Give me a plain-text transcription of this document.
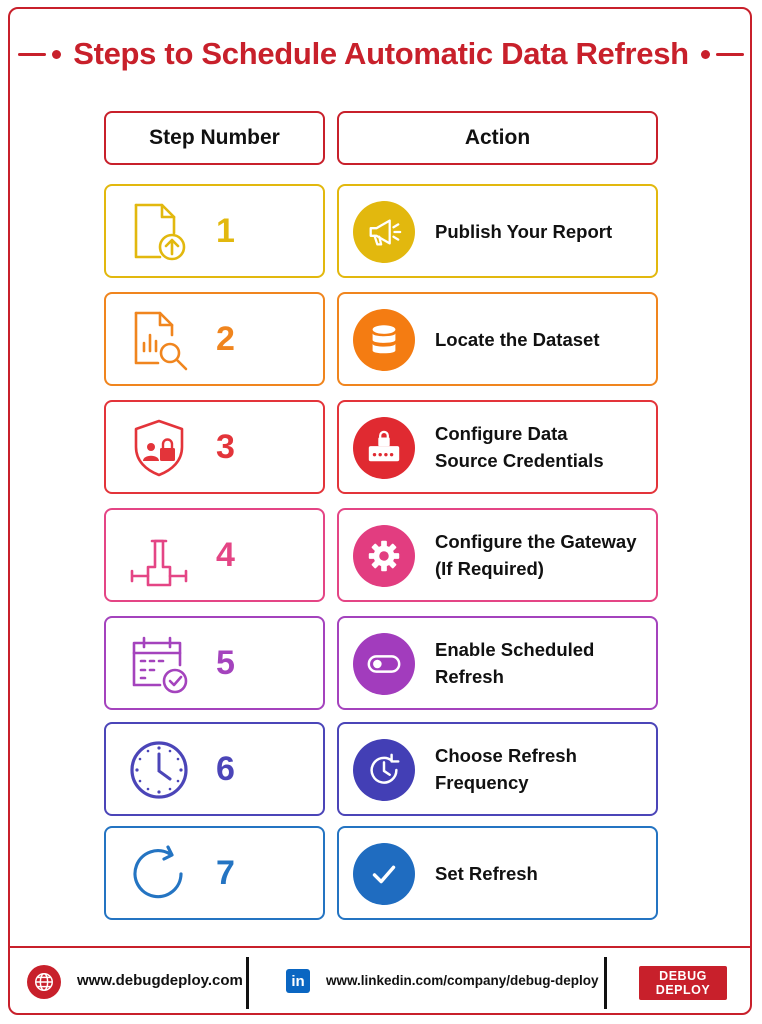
Steps to Schedule Automatic Data Refresh
Step Number	Action
1	Publish Your Report
2	Locate the Dataset
3	Configure Data
Source Credentials
4	Configure the Gateway
(If Required)
5	Enable Scheduled
Refresh
6	Choose Refresh
Frequency
7	Set Refresh
www.debugdeploy.com	in	www.linkedin.com/company/debug-deploy	DEBUG
DEPLOY
